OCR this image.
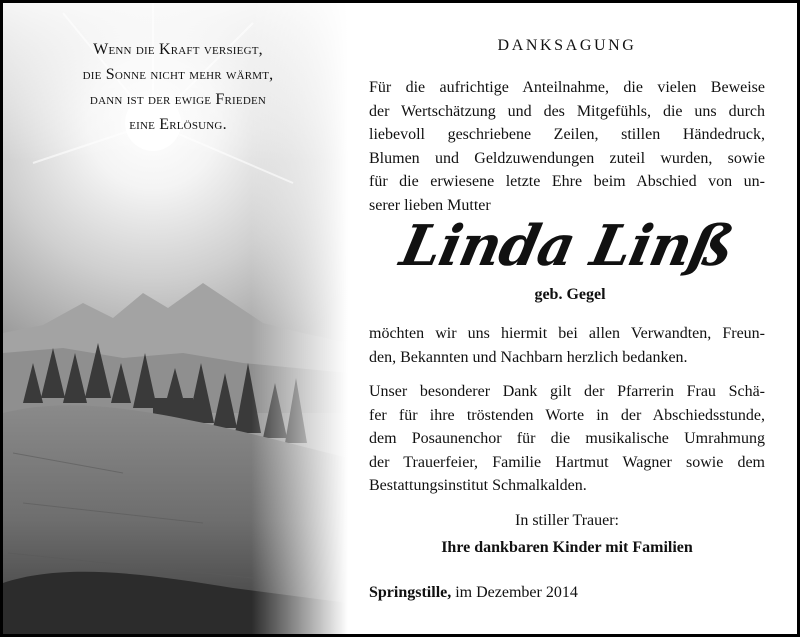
Wenn die Kraft versiegt,
die Sonne nicht mehr wärmt,
dann ist der ewige Frieden
eine Erlösung.
DANKSAGUNG
Für die aufrichtige Anteilnahme, die vielen Beweise
der Wertschätzung und des Mitgefühls, die uns durch
liebevoll geschriebene Zeilen, stillen Händedruck,
Blumen und Geldzuwendungen zuteil wurden, sowie
für die erwiesene letzte Ehre beim Abschied von un-
serer lieben Mutter
Linda Linß
geb. Gegel
möchten wir uns hiermit bei allen Verwandten, Freun-
den, Bekannten und Nachbarn herzlich bedanken.
Unser besonderer Dank gilt der Pfarrerin Frau Schä-
fer für ihre tröstenden Worte in der Abschiedsstunde,
dem Posaunenchor für die musikalische Umrahmung
der Trauerfeier, Familie Hartmut Wagner sowie dem
Bestattungsinstitut Schmalkalden.
In stiller Trauer:
Ihre dankbaren Kinder mit Familien
Springstille, im Dezember 2014
